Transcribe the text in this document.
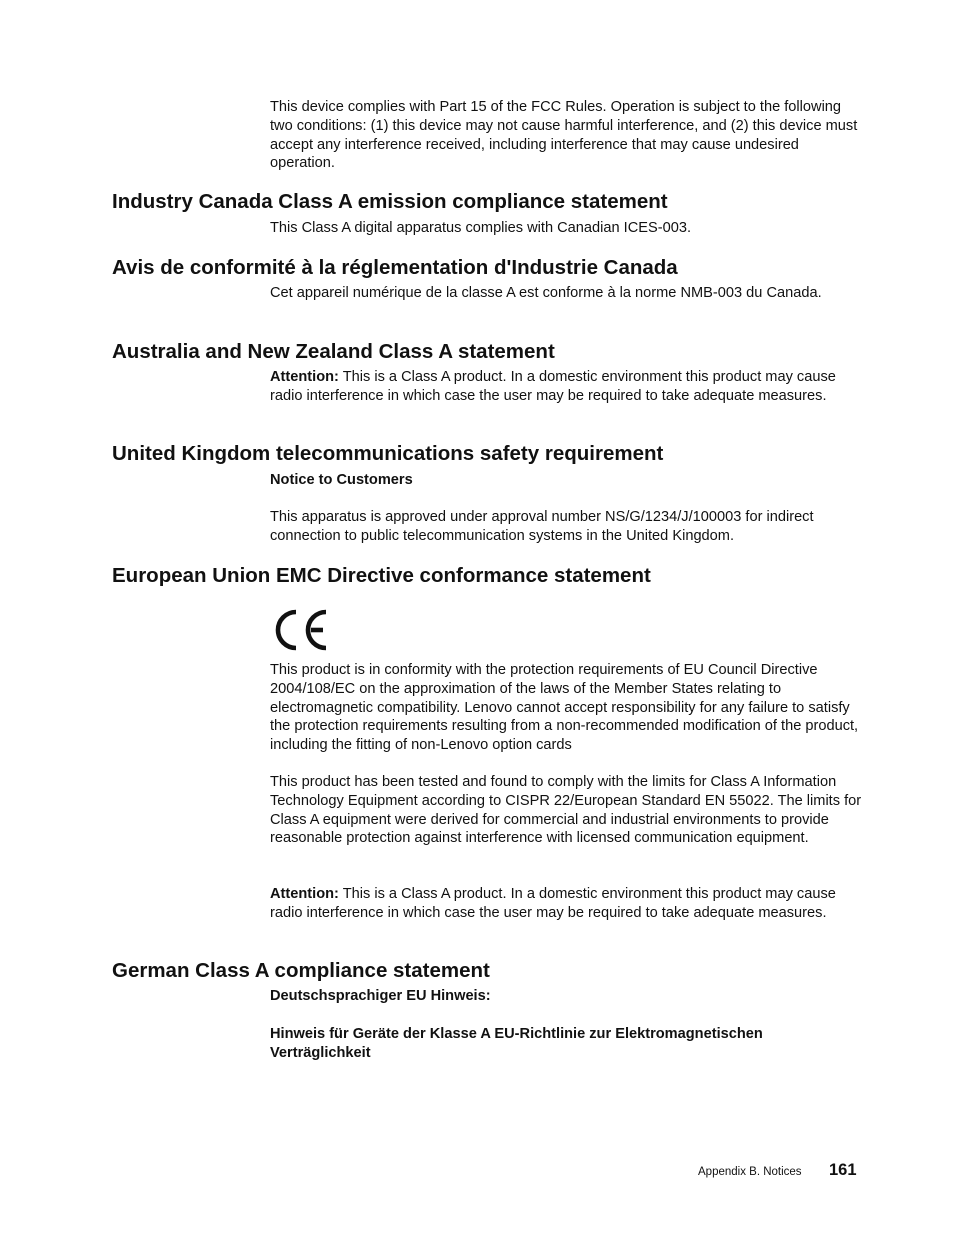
This device complies with Part 15 of the FCC Rules. Operation is subject to the following two conditions: (1) this device may not cause harmful interference, and (2) this device must accept any interference received, including interference that may cause undesired operation.

Industry Canada Class A emission compliance statement

This Class A digital apparatus complies with Canadian ICES-003.

Avis de conformité à la réglementation d'Industrie Canada

Cet appareil numérique de la classe A est conforme à la norme NMB-003 du Canada.

Australia and New Zealand Class A statement

Attention: This is a Class A product. In a domestic environment this product may cause radio interference in which case the user may be required to take adequate measures.

United Kingdom telecommunications safety requirement

Notice to Customers

This apparatus is approved under approval number NS/G/1234/J/100003 for indirect connection to public telecommunication systems in the United Kingdom.

European Union EMC Directive conformance statement

This product is in conformity with the protection requirements of EU Council Directive 2004/108/EC on the approximation of the laws of the Member States relating to electromagnetic compatibility. Lenovo cannot accept responsibility for any failure to satisfy the protection requirements resulting from a non-recommended modification of the product, including the fitting of non-Lenovo option cards

This product has been tested and found to comply with the limits for Class A Information Technology Equipment according to CISPR 22/European Standard EN 55022. The limits for Class A equipment were derived for commercial and industrial environments to provide reasonable protection against interference with licensed communication equipment.

Attention: This is a Class A product. In a domestic environment this product may cause radio interference in which case the user may be required to take adequate measures.

German Class A compliance statement

Deutschsprachiger EU Hinweis:

Hinweis für Geräte der Klasse A EU-Richtlinie zur Elektromagnetischen Verträglichkeit

Appendix B. Notices 161
